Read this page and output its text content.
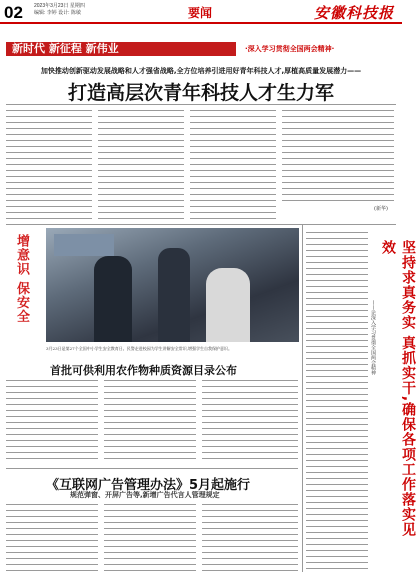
02 2023年3月23日 星期四
编辑: 李婷 设计: 陈敏	要闻	安徽科技报
新时代 新征程 新伟业	·深入学习贯彻全国两会精神·
加快推动创新驱动发展战略和人才强省战略,全方位培养引进用好青年科技人才,厚植高质量发展潜力——
打造高层次青年科技人才生力军
增意识 保安全
3月23日是第27个全国中小学生安全教育日。民警走进校园为学生讲解安全常识,增强学生自我保护意识。
首批可供利用农作物种质资源目录公布
《互联网广告管理办法》5月起施行
规范弹窗、开屏广告等,新增广告代言人管理规定	坚持求真务实 真抓实干,确保各项工作落实见效
——论深入学习贯彻全国两会精神
(新华)
